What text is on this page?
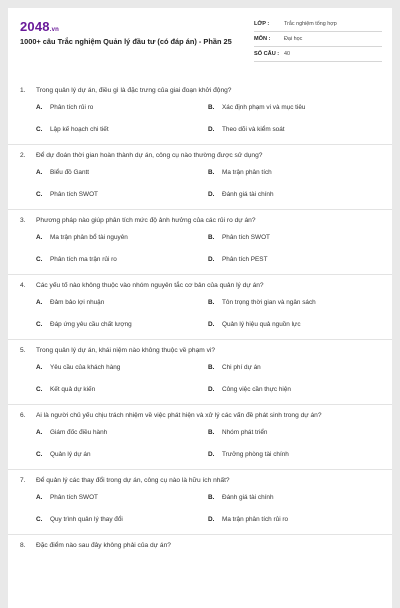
2048.vn
1000+ câu Trắc nghiệm Quản lý đầu tư (có đáp án) - Phần 25
LỚP :	Trắc nghiệm tổng hợp
MÔN :	Đại học
SỐ CÂU : 40
1.	Trong quản lý dự án, điều gì là đặc trưng của giai đoạn khởi động?
A.	Phân tích rủi ro	B.	Xác định phạm vi và mục tiêu
C.	Lập kế hoạch chi tiết	D.	Theo dõi và kiểm soát
2.	Để dự đoán thời gian hoàn thành dự án, công cụ nào thường được sử dụng?
A.	Biểu đồ Gantt	B.	Ma trận phân tích
C.	Phân tích SWOT	D.	Đánh giá tài chính
3.	Phương pháp nào giúp phân tích mức độ ảnh hưởng của các rủi ro dự án?
A.	Ma trận phân bổ tài nguyên	B.	Phân tích SWOT
C.	Phân tích ma trận rủi ro	D.	Phân tích PEST
4.	Các yếu tố nào không thuộc vào nhóm nguyên tắc cơ bản của quản lý dự án?
A.	Đảm bảo lợi nhuận	B.	Tôn trọng thời gian và ngân sách
C.	Đáp ứng yêu cầu chất lượng	D.	Quản lý hiệu quả nguồn lực
5.	Trong quản lý dự án, khái niệm nào không thuộc về phạm vi?
A.	Yêu cầu của khách hàng	B.	Chi phí dự án
C.	Kết quả dự kiến	D.	Công việc cần thực hiện
6.	Ai là người chủ yếu chịu trách nhiệm về việc phát hiện và xử lý các vấn đề phát sinh trong dự án?
A.	Giám đốc điều hành	B.	Nhóm phát triển
C.	Quản lý dự án	D.	Trưởng phòng tài chính
7.	Để quản lý các thay đổi trong dự án, công cụ nào là hữu ích nhất?
A.	Phân tích SWOT	B.	Đánh giá tài chính
C.	Quy trình quản lý thay đổi	D.	Ma trận phân tích rủi ro
8.	Đặc điểm nào sau đây không phải của dự án?
